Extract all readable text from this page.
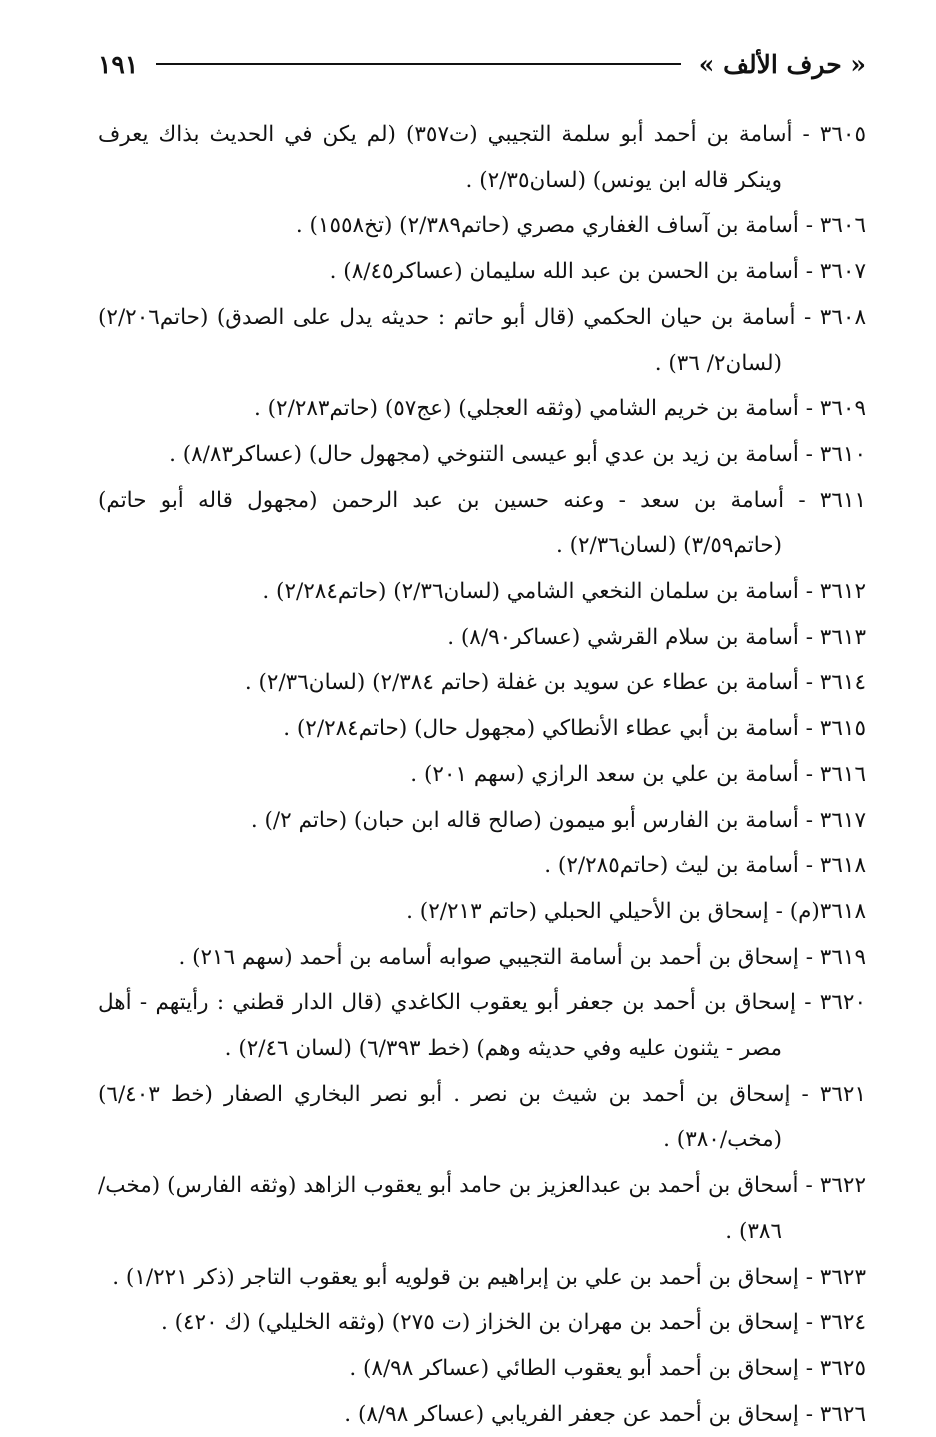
« حرف الألف »
١٩١

٣٦٠٥ - أسامة بن أحمد أبو سلمة التجيبي (ت٣٥٧) (لم يكن في الحديث بذاك يعرف وينكر قاله ابن يونس) (لسان٢/٣٥) .

٣٦٠٦ - أسامة بن آساف الغفاري مصري (حاتم٢/٣٨٩) (تخ١٥٥٨) .

٣٦٠٧ - أسامة بن الحسن بن عبد الله سليمان (عساكر٨/٤٥) .

٣٦٠٨ - أسامة بن حيان الحكمي (قال أبو حاتم : حديثه يدل على الصدق) (حاتم٢/٢٠٦) (لسان٢/ ٣٦) .

٣٦٠٩ - أسامة بن خريم الشامي (وثقه العجلي) (عج٥٧) (حاتم٢/٢٨٣) .

٣٦١٠ - أسامة بن زيد بن عدي أبو عيسى التنوخي (مجهول حال) (عساكر٨/٨٣) .

٣٦١١ - أسامة بن سعد - وعنه حسين بن عبد الرحمن (مجهول قاله أبو حاتم) (حاتم٣/٥٩) (لسان٢/٣٦) .

٣٦١٢ - أسامة بن سلمان النخعي الشامي (لسان٢/٣٦) (حاتم٢/٢٨٤) .

٣٦١٣ - أسامة بن سلام القرشي (عساكر٨/٩٠) .

٣٦١٤ - أسامة بن عطاء عن سويد بن غفلة (حاتم ٢/٣٨٤) (لسان٢/٣٦) .

٣٦١٥ - أسامة بن أبي عطاء الأنطاكي (مجهول حال) (حاتم٢/٢٨٤) .

٣٦١٦ - أسامة بن علي بن سعد الرازي (سهم ٢٠١) .

٣٦١٧ - أسامة بن الفارس أبو ميمون (صالح قاله ابن حبان) (حاتم ٢/) .

٣٦١٨ - أسامة بن ليث (حاتم٢/٢٨٥) .

٣٦١٨(م) - إسحاق بن الأحيلي الحبلي (حاتم ٢/٢١٣) .

٣٦١٩ - إسحاق بن أحمد بن أسامة التجيبي صوابه أسامه بن أحمد (سهم ٢١٦) .

٣٦٢٠ - إسحاق بن أحمد بن جعفر أبو يعقوب الكاغدي (قال الدار قطني : رأيتهم - أهل مصر - يثنون عليه وفي حديثه وهم) (خط ٦/٣٩٣) (لسان ٢/٤٦) .

٣٦٢١ - إسحاق بن أحمد بن شيث بن نصر . أبو نصر البخاري الصفار (خط ٦/٤٠٣) (مخب/٣٨٠) .

٣٦٢٢ - أسحاق بن أحمد بن عبدالعزيز بن حامد أبو يعقوب الزاهد (وثقه الفارس) (مخب/٣٨٦) .

٣٦٢٣ - إسحاق بن أحمد بن علي بن إبراهيم بن قولويه أبو يعقوب التاجر (ذكر ١/٢٢١) .

٣٦٢٤ - إسحاق بن أحمد بن مهران بن الخزاز (ت ٢٧٥) (وثقه الخليلي) (ك ٤٢٠) .

٣٦٢٥ - إسحاق بن أحمد أبو يعقوب الطائي (عساكر ٨/٩٨) .

٣٦٢٦ - إسحاق بن أحمد عن جعفر الفريابي (عساكر ٨/٩٨) .
